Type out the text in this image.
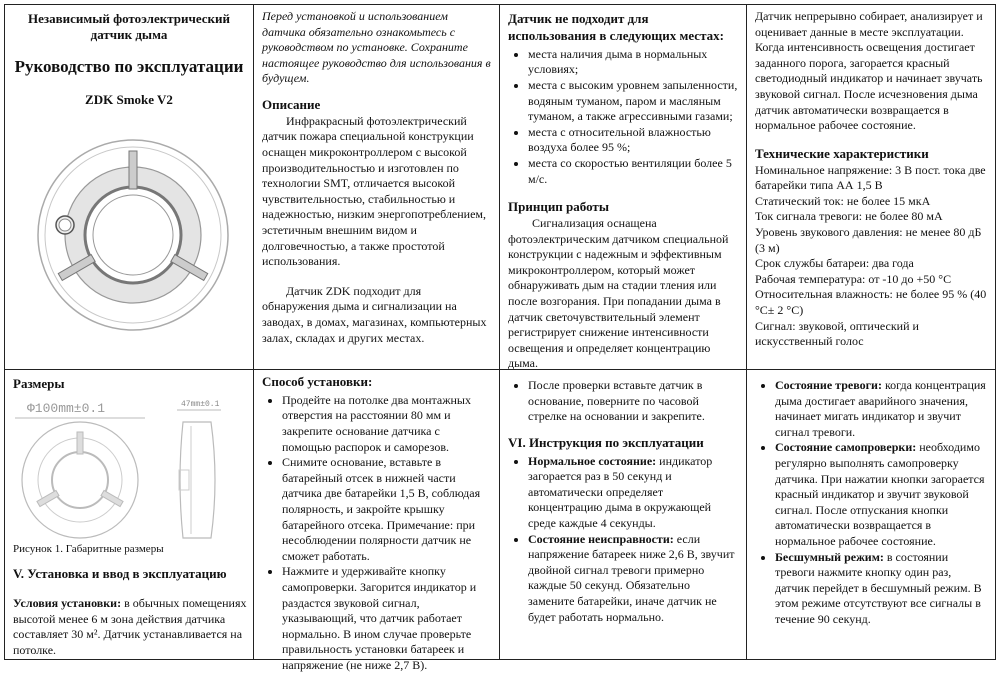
Независимый фотоэлектрический
датчик дыма
Руководство по эксплуатации
ZDK Smoke V2

Перед установкой и использованием датчика обязательно ознакомьтесь с руководством по установке. Сохраните настоящее руководство для использования в будущем.

Описание

Инфракрасный фотоэлектрический датчик пожара специальной конструкции оснащен микроконтроллером с высокой производительностью и изготовлен по технологии SMT, отличается высокой чувствительностью, стабильностью и надежностью, низким энергопотреблением, эстетичным внешним видом и долговечностью, а также простотой использования.

Датчик ZDK подходит для обнаружения дыма и сигнализации на заводах, в домах, магазинах, компьютерных залах, складах и других местах.

Датчик не подходит для использования в следующих местах:
• места наличия дыма в нормальных условиях;
• места с высоким уровнем запыленности, водяным туманом, паром и масляным туманом, а также агрессивными газами;
• места с относительной влажностью воздуха более 95 %;
• места со скоростью вентиляции более 5 м/с.
Принцип работы

Сигнализация оснащена фотоэлектрическим датчиком специальной конструкции с надежным и эффективным микроконтроллером, который может обнаруживать дым на стадии тления или после возгорания. При попадании дыма в датчик светочувствительный элемент регистрирует снижение интенсивности освещения и определяет концентрацию дыма.

Датчик непрерывно собирает, анализирует и оценивает данные в месте эксплуатации. Когда интенсивность освещения достигает заданного порога, загорается красный светодиодный индикатор и начинает звучать звуковой сигнал. После исчезновения дыма датчик автоматически возвращается в нормальное рабочее состояние.

Технические характеристики

Номинальное напряжение: 3 В пост. тока две батарейки типа АА 1,5 В

Статический ток: не более 15 мкА

Ток сигнала тревоги: не более 80 мА

Уровень звукового давления: не менее 80 дБ (3 м)

Срок службы батареи: два года

Рабочая температура: от -10 до +50 °С

Относительная влажность: не более 95 % (40 °С± 2 °С)

Сигнал: звуковой, оптический и искусственный голос

Размеры
Φ100mm±0.1	47mm±0.1
Рисунок 1. Габаритные размеры
V. Установка и ввод в эксплуатацию

Условия установки: в обычных помещениях высотой менее 6 м зона действия датчика составляет 30 м². Датчик устанавливается на потолке.

Способ установки:
• Продейте на потолке два монтажных отверстия на расстоянии 80 мм и закрепите основание датчика с помощью распорок и саморезов.
• Снимите основание, вставьте в батарейный отсек в нижней части датчика две батарейки 1,5 В, соблюдая полярность, и закройте крышку батарейного отсека. Примечание: при несоблюдении полярности датчик не сможет работать.
• Нажмите и удерживайте кнопку самопроверки. Загорится индикатор и раздастся звуковой сигнал, указывающий, что датчик работает нормально. В ином случае проверьте правильность установки батареек и напряжение (не ниже 2,7 В).
• После проверки вставьте датчик в основание, поверните по часовой стрелке на основании и закрепите.
VI. Инструкция по эксплуатации
• Нормальное состояние: индикатор загорается раз в 50 секунд и автоматически определяет концентрацию дыма в окружающей среде каждые 4 секунды.
• Состояние неисправности: если напряжение батареек ниже 2,6 В, звучит двойной сигнал тревоги примерно каждые 50 секунд. Обязательно замените батарейки, иначе датчик не будет работать нормально.
• Состояние тревоги: когда концентрация дыма достигает аварийного значения, начинает мигать индикатор и звучит сигнал тревоги.
• Состояние самопроверки: необходимо регулярно выполнять самопроверку датчика. При нажатии кнопки загорается красный индикатор и звучит звуковой сигнал. После отпускания кнопки автоматически возвращается в нормальное рабочее состояние.
• Бесшумный режим: в состоянии тревоги нажмите кнопку один раз, датчик перейдет в бесшумный режим. В этом режиме отсутствуют все сигналы в течение 90 секунд.
